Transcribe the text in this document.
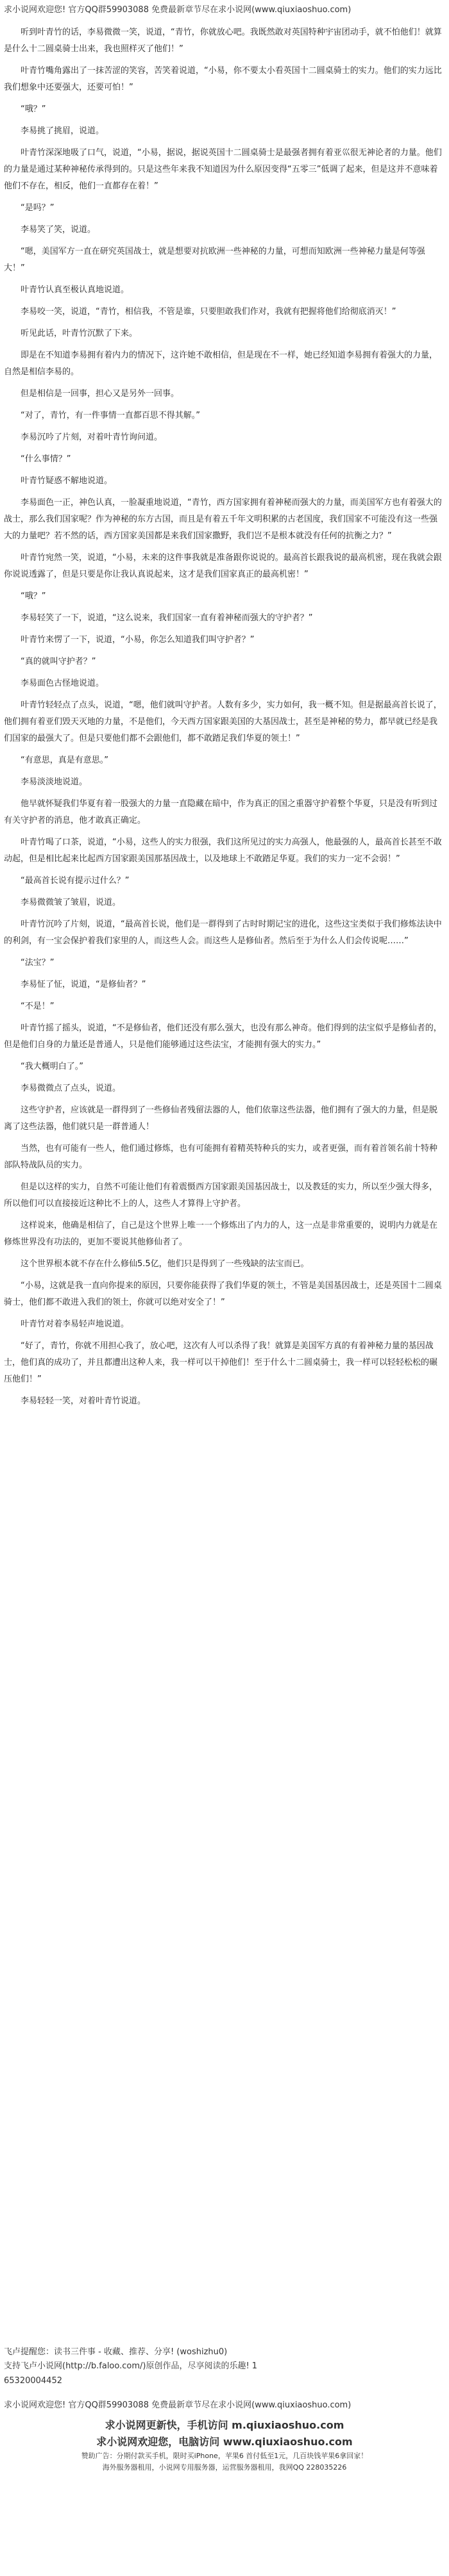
求小说网欢迎您! 官方QQ群59903088 免费最新章节尽在求小说网(www.qiuxiaoshuo.com)

听到叶青竹的话，李易微微一笑，说道，“青竹，你就放心吧。我既然敢对英国特种宇宙团动手，就不怕他们！就算是什么十二圆桌骑士出来，我也照样灭了他们！”

叶青竹嘴角露出了一抹苦涩的笑容，苦笑着说道，“小易，你不要太小看英国十二圆桌骑士的实力。他们的实力远比我们想象中还要强大，还要可怕！”

“哦？”

李易挑了挑眉，说道。

叶青竹深深地吸了口气，说道，“小易，据说，据说英国十二圆桌骑士是最强者拥有着亚巛很无神论者的力量。他们的力量是通过某种神秘传承得到的。只是这些年来我不知道因为什么原因变得“五零三”低调了起来，但是这并不意味着他们不存在，相反，他们一直都存在着！”

“是吗？”

李易笑了笑，说道。

“嗯，美国军方一直在研究英国战士，就是想要对抗欧洲一些神秘的力量，可想而知欧洲一些神秘力量是何等强大！”

叶青竹认真至极认真地说道。

李易咬一笑，说道，“青竹，相信我，不管是谁，只要胆敢我们作对，我就有把握将他们给彻底消灭！”

听见此话，叶青竹沉默了下来。

即是在不知道李易拥有着内力的情况下，这许她不敢相信，但是现在不一样，她已经知道李易拥有着强大的力量，自然是相信李易的。

但是相信是一回事，担心又是另外一回事。

“对了，青竹，有一件事情一直都百思不得其解。”

李易沉吟了片刻，对着叶青竹询问道。

“什么事情？”

叶青竹疑惑不解地说道。

李易面色一正，神色认真，一脸凝重地说道，“青竹，西方国家拥有着神秘而强大的力量，而美国军方也有着强大的战士，那么我们国家呢？作为神秘的东方古国，而且是有着五千年文明积累的古老国度，我们国家不可能没有这一些强大的力量吧？若不然的话，西方国家美国都是来我们国家撒野，我们岂不是根本就没有任何的抗衡之力？”

叶青竹宛然一笑，说道，“小易，未来的这件事我就是准备跟你说说的。最高首长跟我说的最高机密，现在我就会跟你说说透露了，但是只要是你让我认真说起来，这才是我们国家真正的最高机密！”

“哦？”

李易轻笑了一下，说道，“这么说来，我们国家一直有着神秘而强大的守护者？”

叶青竹来愣了一下，说道，“小易，你怎么知道我们叫守护者？”

“真的就叫守护者？”

李易面色古怪地说道。

叶青竹轻轻点了点头，说道，“嗯，他们就叫守护者。人数有多少，实力如何，我一概不知。但是据最高首长说了，他们拥有着亚们毁天灭地的力量，不是他们，今天西方国家跟美国的大基因战士，甚至是神秘的势力，都早就已经是我们国家的最强大了。但是只要他们都不会跟他们，都不敢踏足我们华夏的领土！”

“有意思，真是有意思。”

李易淡淡地说道。

他早就怀疑我们华夏有着一股强大的力量一直隐藏在暗中，作为真正的国之重器守护着整个华夏，只是没有听到过有关守护者的消息，他才敢真正确定。

叶青竹喝了口茶，说道，“小易，这些人的实力很强，我们这所见过的实力高强人，他最强的人，最高首长甚至不敢动起，但是相比起来比起西方国家跟美国那基因战士，以及地球上不敢踏足华夏。我们的实力一定不会弱！”

“最高首长说有提示过什么？”

李易微微皱了皱眉，说道。

叶青竹沉吟了片刻，说道，“最高首长说，他们是一群得到了古时时期记宝的进化，这些这宝类似于我们修炼法诀中的利剑，有一宝会保护着我们家里的人，而这些人会。而这些人是修仙者。然后至于为什么人们会传说呢……”

“法宝？”

李易怔了怔，说道，“是修仙者？”

“不是！”

叶青竹摇了摇头，说道，“不是修仙者，他们还没有那么强大，也没有那么神奇。他们得到的法宝似乎是修仙者的，但是他们自身的力量还是普通人，只是他们能够通过这些法宝，才能拥有强大的实力。”

“我大概明白了。”

李易微微点了点头，说道。

这些守护者，应该就是一群得到了一些修仙者残留法器的人，他们依靠这些法器，他们拥有了强大的力量，但是脱离了这些法器，他们就只是一群普通人！

当然，也有可能有一些人，他们通过修炼，也有可能拥有着精英特种兵的实力，或者更强，而有着首领名前十特种部队特战队员的实力。

但是以这样的实力，自然不可能让他们有着震慑西方国家跟美国基因战士，以及教廷的实力，所以至少强大得多，所以他们可以直接接近这种比不上的人，这些人才算得上守护者。

这样说来，他确是相信了，自己是这个世界上唯一一个修炼出了内力的人，这一点是非常重要的，说明内力就是在修炼世界没有功法的，更加不要说其他修仙者了。

这个世界根本就不存在什么修仙5.5亿，他们只是得到了一些残缺的法宝而已。

“小易，这就是我一直向你提来的原因，只要你能获得了我们华夏的领土，不管是美国基因战士，还是英国十二圆桌骑士，他们都不敢进入我们的领土，你就可以绝对安全了！”

叶青竹对着李易轻声地说道。

“好了，青竹，你就不用担心我了，放心吧，这次有人可以杀得了我！就算是美国军方真的有着神秘力量的基因战士，他们真的成功了，并且都遭出这种人来，我一样可以干掉他们！至于什么十二圆桌骑士，我一样可以轻轻松松的碾压他们！”

李易轻轻一笑，对着叶青竹说道。

飞卢提醒您：读书三件事 - 收藏、推荐、分享! (woshizhu0)
支持飞卢小说网(http://b.faloo.com/)原创作品，尽享阅读的乐趣! 1
65320004452
求小说网欢迎您! 官方QQ群59903088 免费最新章节尽在求小说网(www.qiuxiaoshuo.com)
求小说网更新快，手机访问 m.qiuxiaoshuo.com
求小说网欢迎您，电脑访问 www.qiuxiaoshuo.com
赞助广告：分期付款买手机，限时买iPhone，苹果6 首付低至1元，几百块钱苹果6拿回家！
海外服务器租用，小说网专用服务器，运营服务器租用，我网QQ 228035226
